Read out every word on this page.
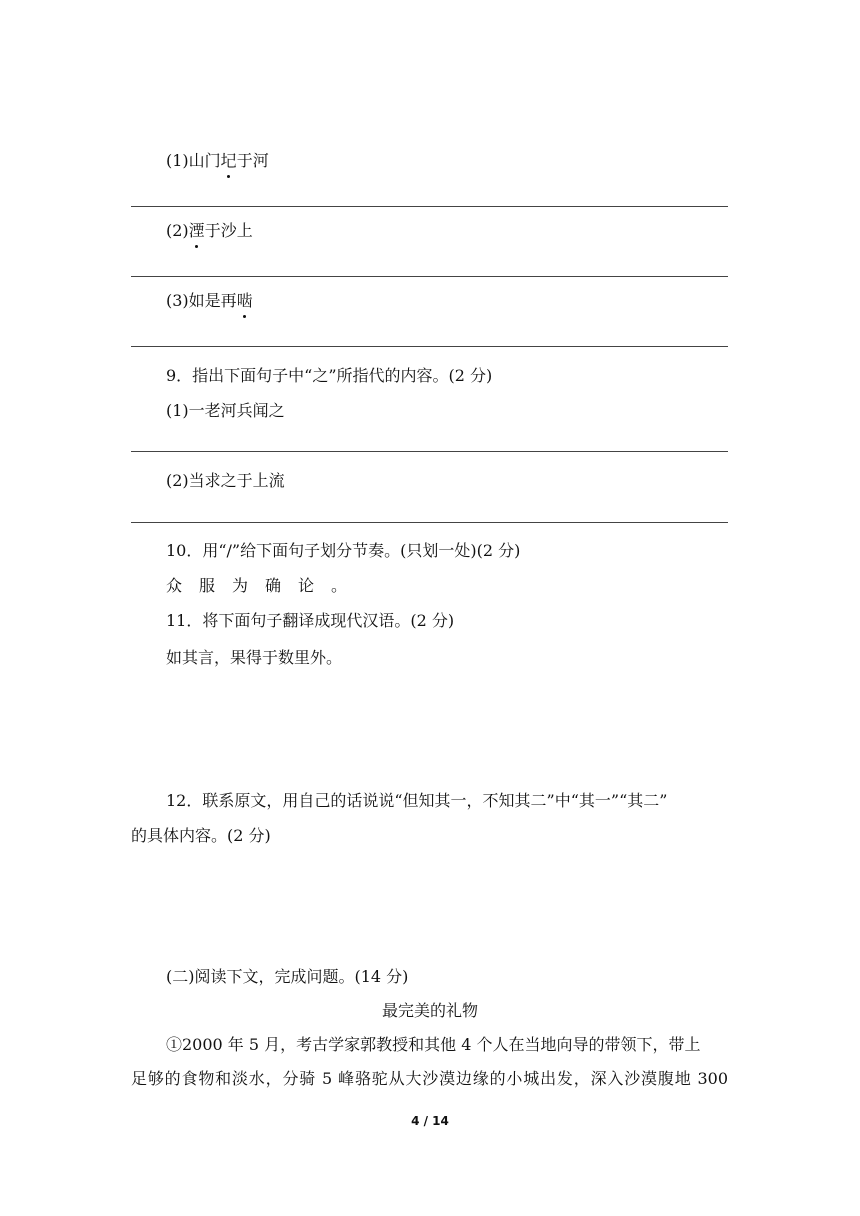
(1)山门圮于河
(2)湮于沙上
(3)如是再啮
9．指出下面句子中“之”所指代的内容。(2 分)
(1)一老河兵闻之
(2)当求之于上流
10．用“/”给下面句子划分节奏。(只划一处)(2 分)
众服为确论。
11．将下面句子翻译成现代汉语。(2 分)
如其言，果得于数里外。
12．联系原文，用自己的话说说“但知其一，不知其二”中“其一”“其二”
的具体内容。(2 分)
(二)阅读下文，完成问题。(14 分)
最完美的礼物
①2000 年 5 月，考古学家郭教授和其他 4 个人在当地向导的带领下，带上
足够的食物和淡水，分骑 5 峰骆驼从大沙漠边缘的小城出发，深入沙漠腹地 300
4 / 14
